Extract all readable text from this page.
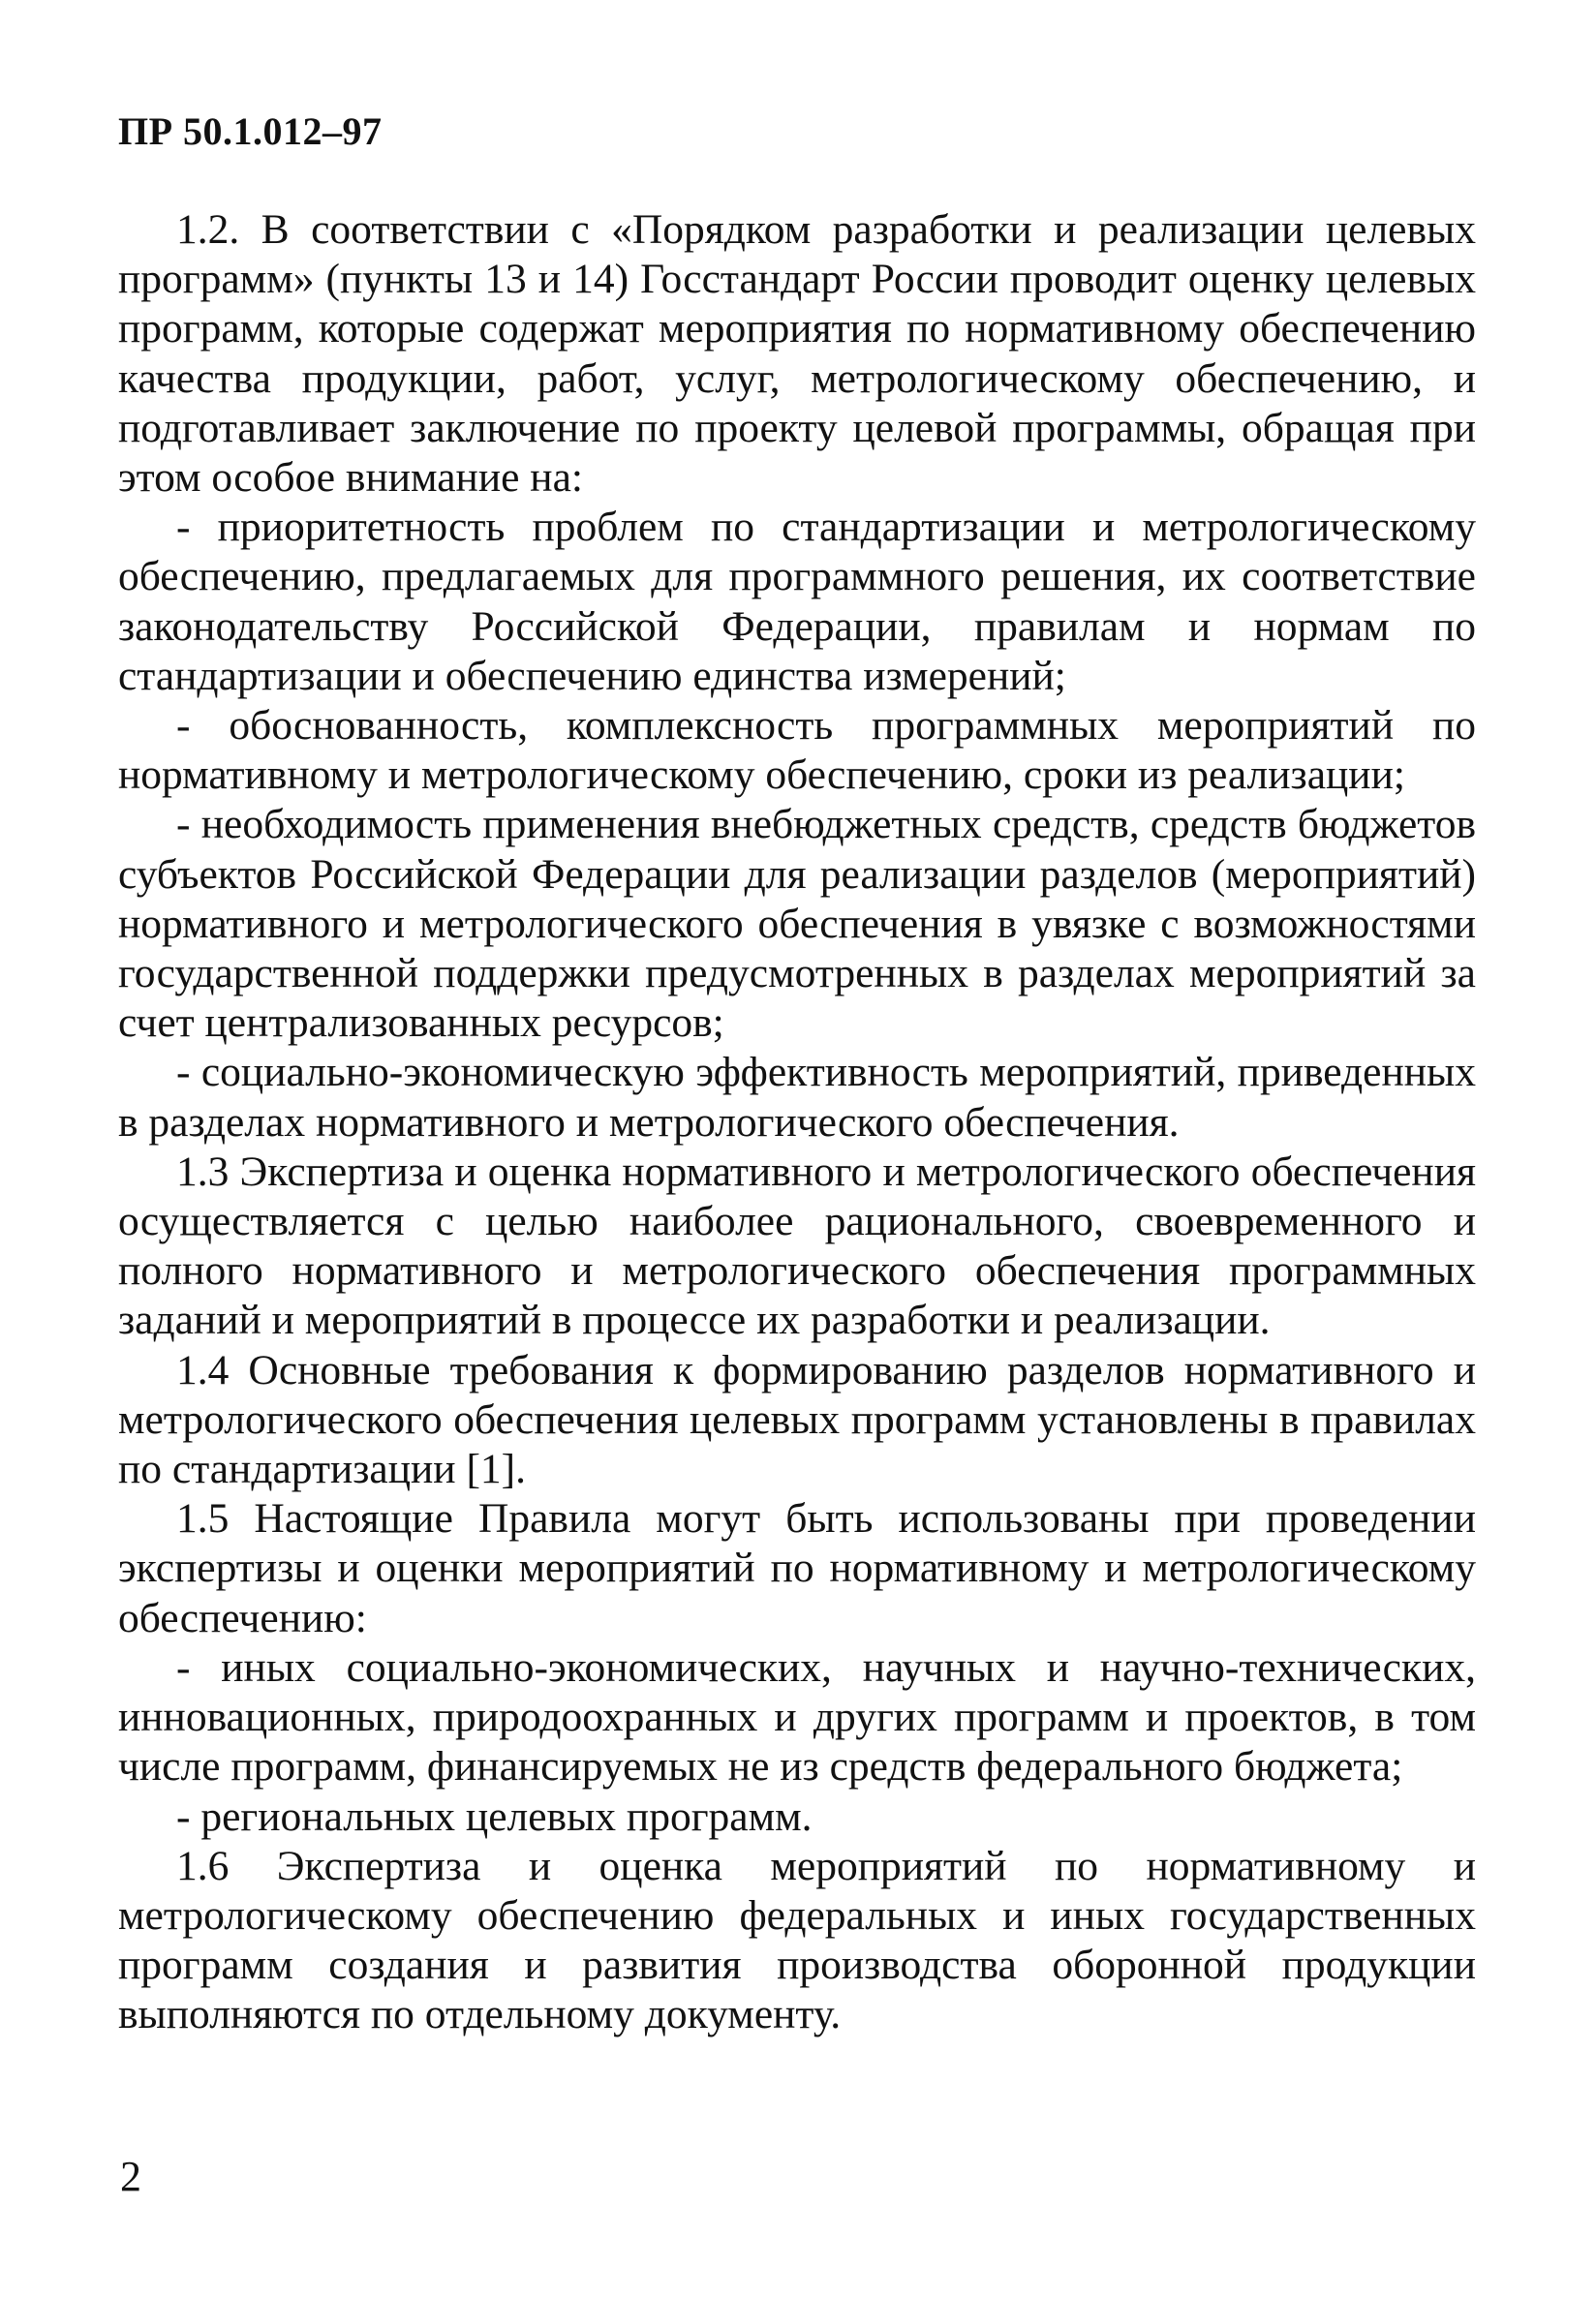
ПР 50.1.012–97

1.2. В соответствии с «Порядком разработки и реализации целевых программ» (пункты 13 и 14) Госстандарт России проводит оценку целевых программ, которые содержат мероприятия по нормативному обеспечению качества продукции, работ, услуг, метрологическому обеспечению, и подготавливает заключение по проекту целевой программы, обращая при этом особое внимание на:

- приоритетность проблем по стандартизации и метрологическому обеспечению, предлагаемых для программного решения, их соответствие законодательству Российской Федерации, правилам и нормам по стандартизации и обеспечению единства измерений;

- обоснованность, комплексность программных мероприятий по нормативному и метрологическому обеспечению, сроки из реализации;

- необходимость применения внебюджетных средств, средств бюджетов субъектов Российской Федерации для реализации разделов (мероприятий) нормативного и метрологического обеспечения в увязке с возможностями государственной поддержки предусмотренных в разделах мероприятий за счет централизованных ресурсов;

- социально-экономическую эффективность мероприятий, приведенных в разделах нормативного и метрологического обеспечения.

1.3 Экспертиза и оценка нормативного и метрологического обеспечения осуществляется с целью наиболее рационального, своевременного и полного нормативного и метрологического обеспечения программных заданий и мероприятий в процессе их разработки и реализации.

1.4 Основные требования к формированию разделов нормативного и метрологического обеспечения целевых программ установлены в правилах по стандартизации [1].

1.5 Настоящие Правила могут быть использованы при проведении экспертизы и оценки мероприятий по нормативному и метрологическому обеспечению:

- иных социально-экономических, научных и научно-технических, инновационных, природоохранных и других программ и проектов, в том числе программ, финансируемых не из средств федерального бюджета;

- региональных целевых программ.

1.6 Экспертиза и оценка мероприятий по нормативному и метрологическому обеспечению федеральных и иных государственных программ создания и развития производства оборонной продукции выполняются по отдельному документу.

2
